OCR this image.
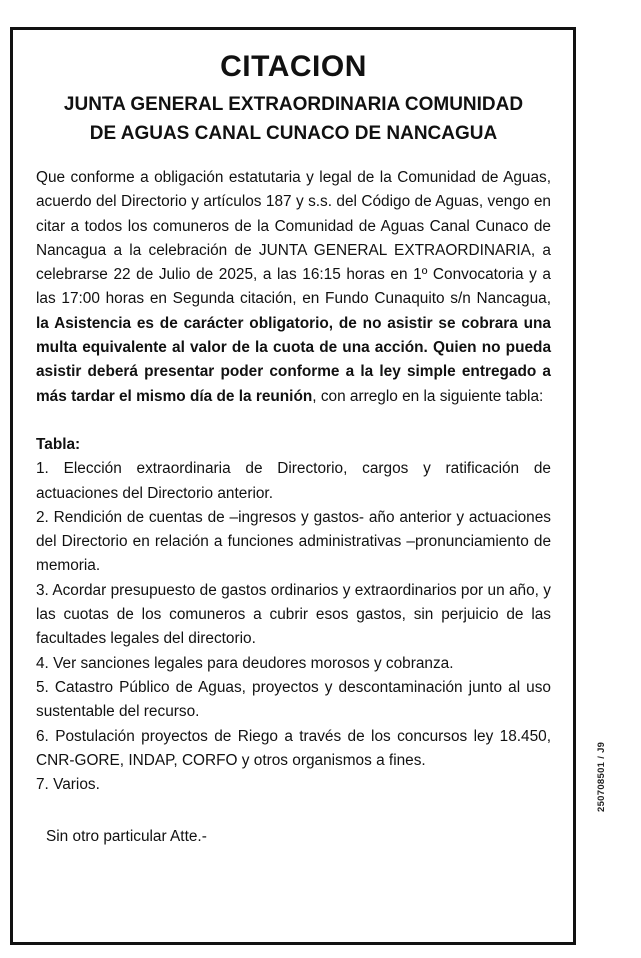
CITACION
JUNTA GENERAL EXTRAORDINARIA COMUNIDAD
DE AGUAS CANAL CUNACO DE NANCAGUA

Que conforme a obligación estatutaria y legal de la Comunidad de Aguas, acuerdo del Directorio y artículos 187 y s.s. del Código de Aguas, vengo en citar a todos los comuneros de la Comunidad de Aguas Canal Cunaco de Nancagua a la celebración de JUNTA GENERAL EXTRAORDINARIA, a celebrarse 22 de Julio de 2025, a las 16:15 horas en 1º Convocatoria y a las 17:00 horas en Segunda citación, en Fundo Cunaquito s/n Nancagua, la Asistencia es de carácter obligatorio, de no asistir se cobrara una multa equivalente al valor de la cuota de una acción. Quien no pueda asistir deberá presentar poder conforme a la ley simple entregado a más tardar el mismo día de la reunión, con arreglo en la siguiente tabla:

Tabla:
1. Elección extraordinaria de Directorio, cargos y ratificación de actuaciones del Directorio anterior.
2. Rendición de cuentas de –ingresos y gastos- año anterior y actuaciones del Directorio en relación a funciones administrativas –pronunciamiento de memoria.
3. Acordar presupuesto de gastos ordinarios y extraordinarios por un año, y las cuotas de los comuneros a cubrir esos gastos, sin perjuicio de las facultades legales del directorio.
4. Ver sanciones legales para deudores morosos y cobranza.
5. Catastro Público de Aguas, proyectos y descontaminación junto al uso sustentable del recurso.
6. Postulación proyectos de Riego a través de los concursos ley 18.450, CNR-GORE, INDAP, CORFO y otros organismos a fines.
7. Varios.
Sin otro particular Atte.-
250708501 / J9
